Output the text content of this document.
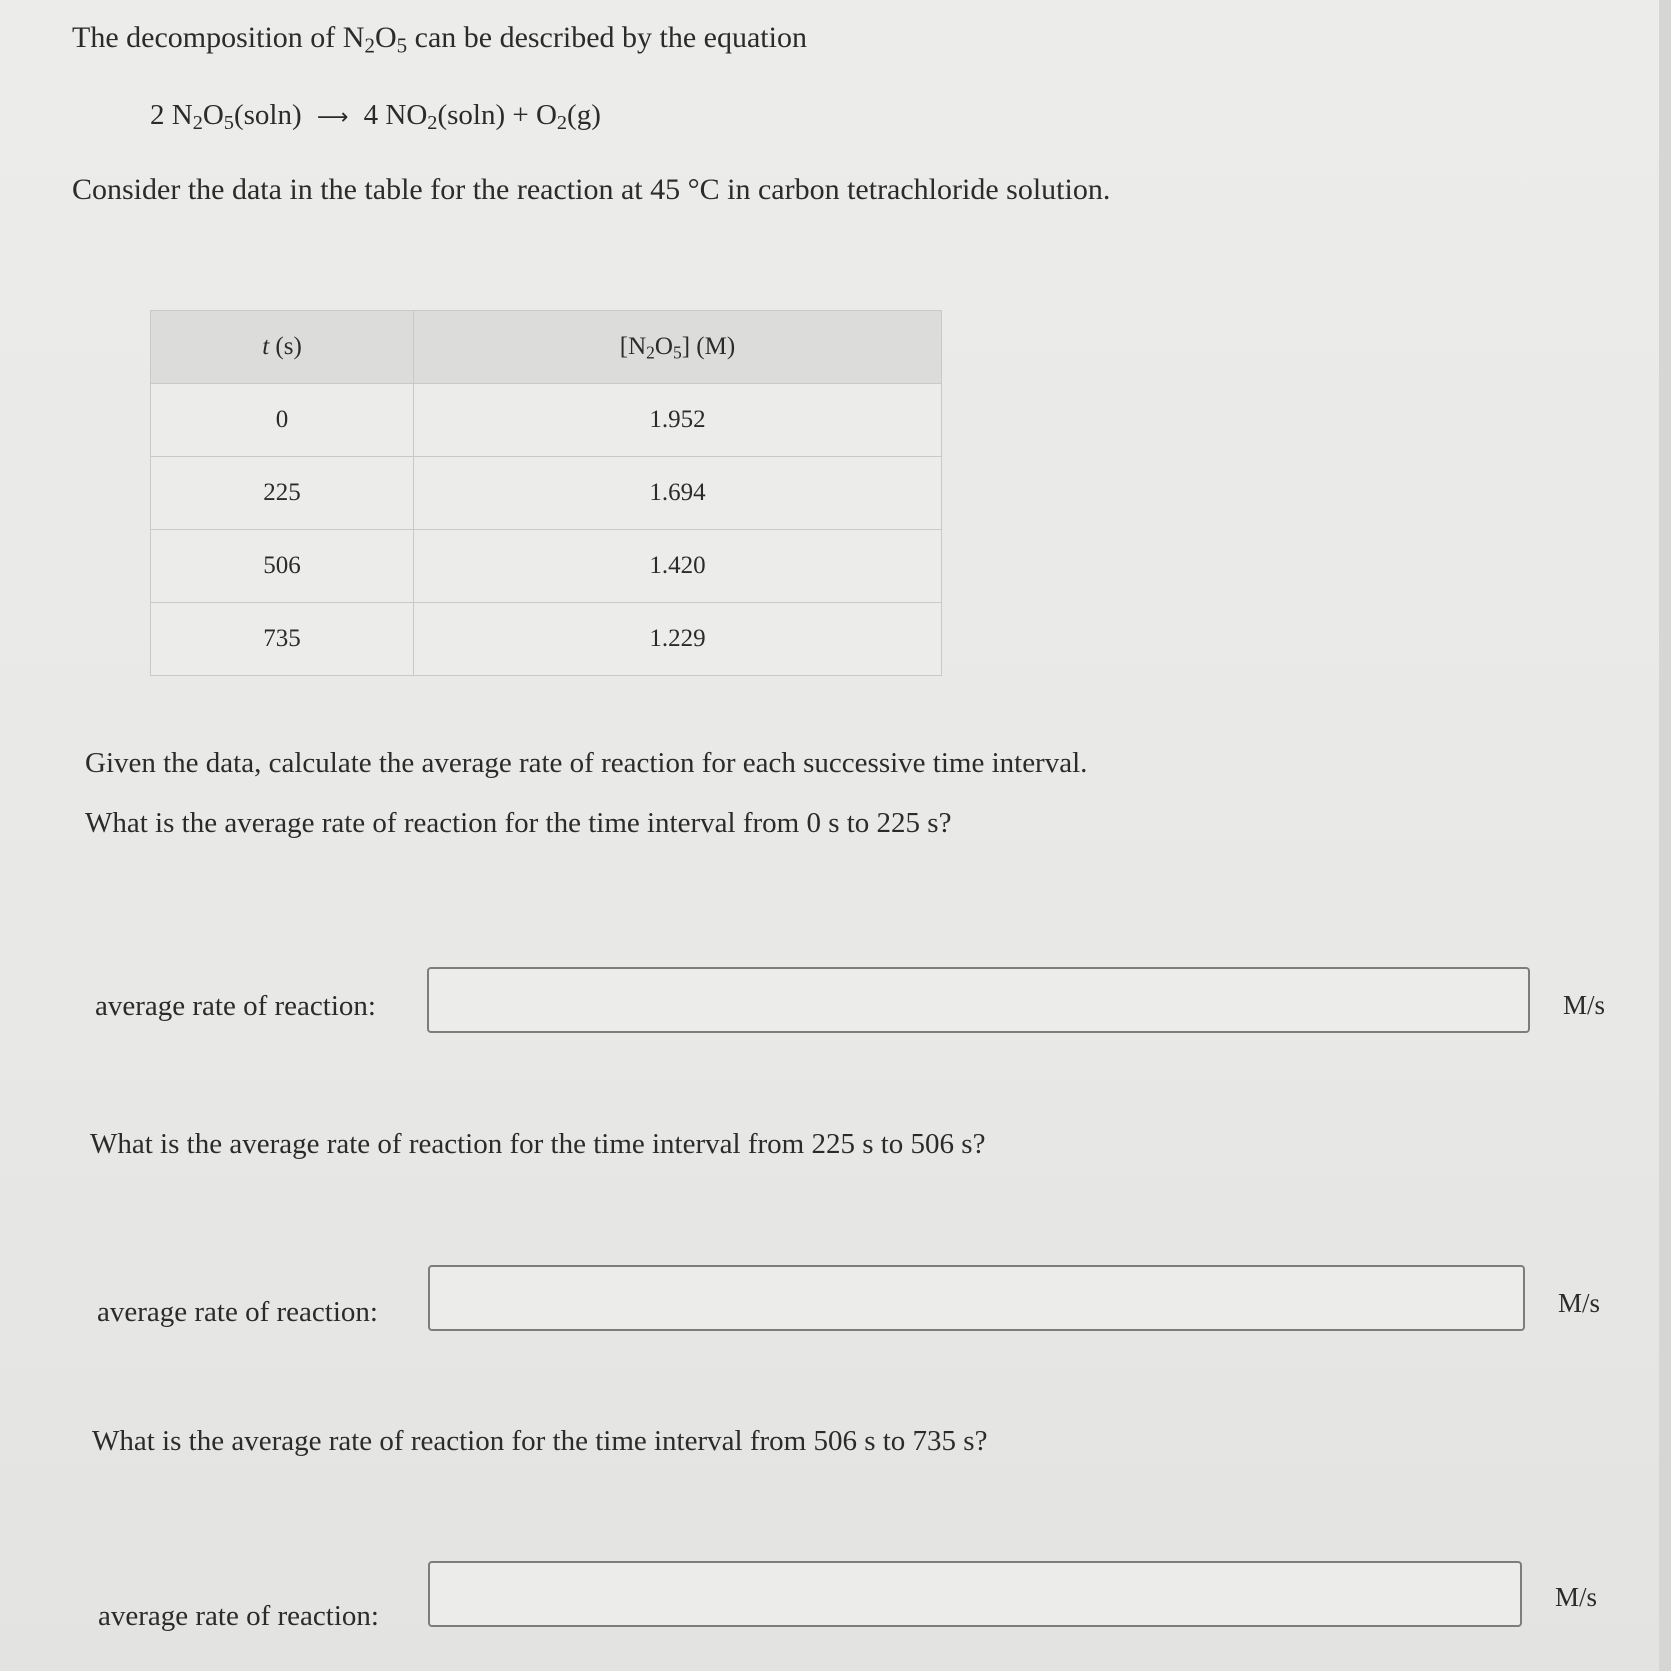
The decomposition of $N_2O_5$ can be described by the equation
2 $N_2O_5(soln)$ ⟶ 4 $NO_2(soln) + O_2(g)$
Consider the data in the table for the reaction at 45 °C in carbon tetrachloride solution.
t (s)	$[N_2O_5]$ (M)
0	1.952
225	1.694
506	1.420
735	1.229
Given the data, calculate the average rate of reaction for each successive time interval.
What is the average rate of reaction for the time interval from 0 s to 225 s?
average rate of reaction:	M/s
What is the average rate of reaction for the time interval from 225 s to 506 s?
average rate of reaction:	M/s
What is the average rate of reaction for the time interval from 506 s to 735 s?
average rate of reaction:
M/s
